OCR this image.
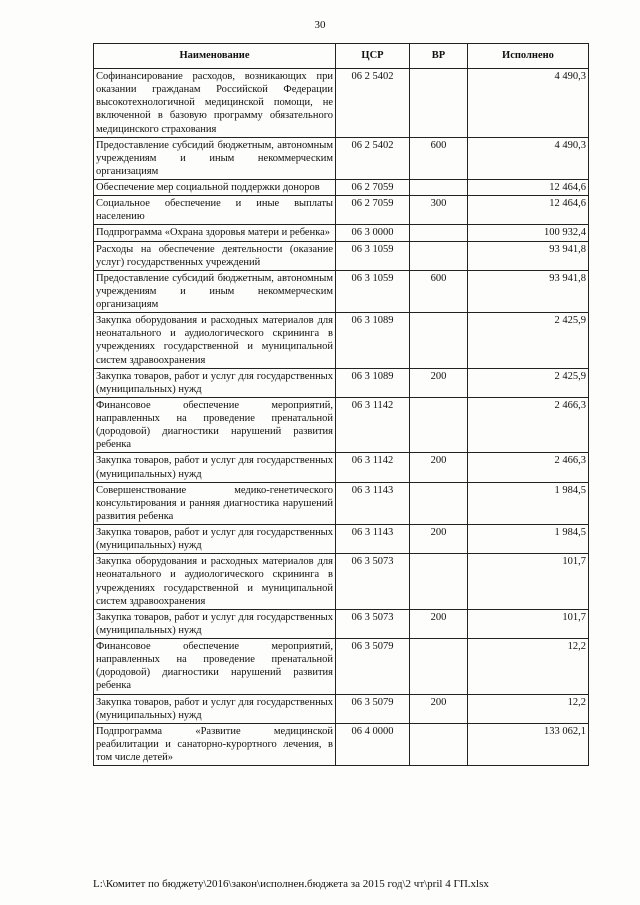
30
Наименование	ЦСР	ВР	Исполнено
Софинансирование расходов, возникающих при оказании гражданам Российской Федерации высокотехнологичной медицинской помощи, не включенной в базовую программу обязательного медицинского страхования	06 2 5402		4 490,3
Предоставление субсидий бюджетным, автономным учреждениям и иным некоммерческим организациям	06 2 5402	600	4 490,3
Обеспечение мер социальной поддержки доноров	06 2 7059		12 464,6
Социальное обеспечение и иные выплаты населению	06 2 7059	300	12 464,6
Подпрограмма «Охрана здоровья матери и ребенка»	06 3 0000		100 932,4
Расходы на обеспечение деятельности (оказание услуг) государственных учреждений	06 3 1059		93 941,8
Предоставление субсидий бюджетным, автономным учреждениям и иным некоммерческим организациям	06 3 1059	600	93 941,8
Закупка оборудования и расходных материалов для неонатального и аудиологического скрининга в учреждениях государственной и муниципальной систем здравоохранения	06 3 1089		2 425,9
Закупка товаров, работ и услуг для государственных (муниципальных) нужд	06 3 1089	200	2 425,9
Финансовое обеспечение мероприятий, направленных на проведение пренатальной (дородовой) диагностики нарушений развития ребенка	06 3 1142		2 466,3
Закупка товаров, работ и услуг для государственных (муниципальных) нужд	06 3 1142	200	2 466,3
Совершенствование медико-генетического консультирования и ранняя диагностика нарушений развития ребенка	06 3 1143		1 984,5
Закупка товаров, работ и услуг для государственных (муниципальных) нужд	06 3 1143	200	1 984,5
Закупка оборудования и расходных материалов для неонатального и аудиологического скрининга в учреждениях государственной и муниципальной систем здравоохранения	06 3 5073		101,7
Закупка товаров, работ и услуг для государственных (муниципальных) нужд	06 3 5073	200	101,7
Финансовое обеспечение мероприятий, направленных на проведение пренатальной (дородовой) диагностики нарушений развития ребенка	06 3 5079		12,2
Закупка товаров, работ и услуг для государственных (муниципальных) нужд	06 3 5079	200	12,2
Подпрограмма «Развитие медицинской реабилитации и санаторно-курортного лечения, в том числе детей»	06 4 0000		133 062,1
L:\Комитет по бюджету\2016\закон\исполнен.бюджета за 2015 год\2 чт\pril 4 ГП.xlsx
